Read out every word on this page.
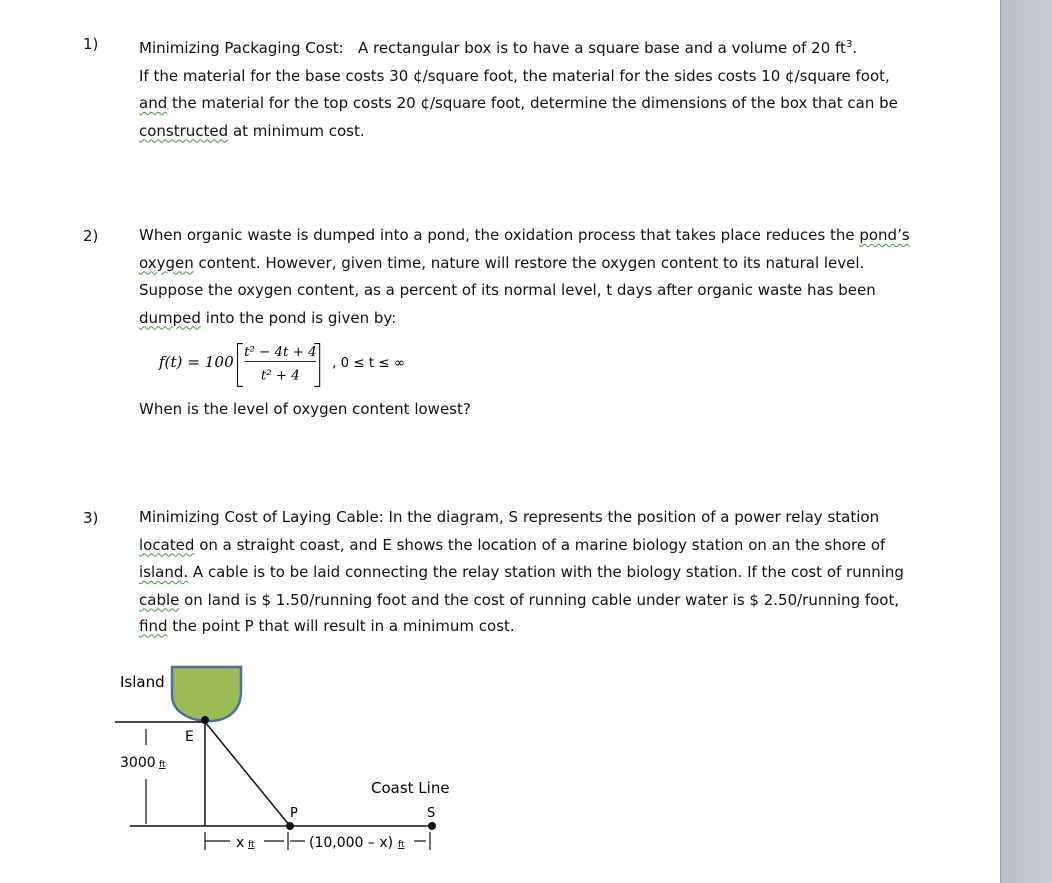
1)	Minimizing Packaging Cost: A rectangular box is to have a square base and a volume of 20 $ft^3$.

If the material for the base costs 30 ¢/square foot, the material for the sides costs 10 ¢/square foot,

and the material for the top costs 20 ¢/square foot, determine the dimensions of the box that can be

constructed at minimum cost.

2)	When organic waste is dumped into a pond, the oxidation process that takes place reduces the pond’s

oxygen content. However, given time, nature will restore the oxygen content to its natural level.

Suppose the oxygen content, as a percent of its normal level, t days after organic waste has been

dumped into the pond is given by:

f(t) = 100
t² − 4t + 4
t² + 4
, 0 ≤ t ≤ ∞
When is the level of oxygen content lowest?
3)	Minimizing Cost of Laying Cable: In the diagram, S represents the position of a power relay station

located on a straight coast, and E shows the location of a marine biology station on an the shore of

island. A cable is to be laid connecting the relay station with the biology station. If the cost of running

cable on land is $ 1.50/running foot and the cost of running cable under water is $ 2.50/running foot,

find the point P that will result in a minimum cost.

Island
E
3000 ft
Coast Line
P	S
x ft	(10,000 – x) ft
